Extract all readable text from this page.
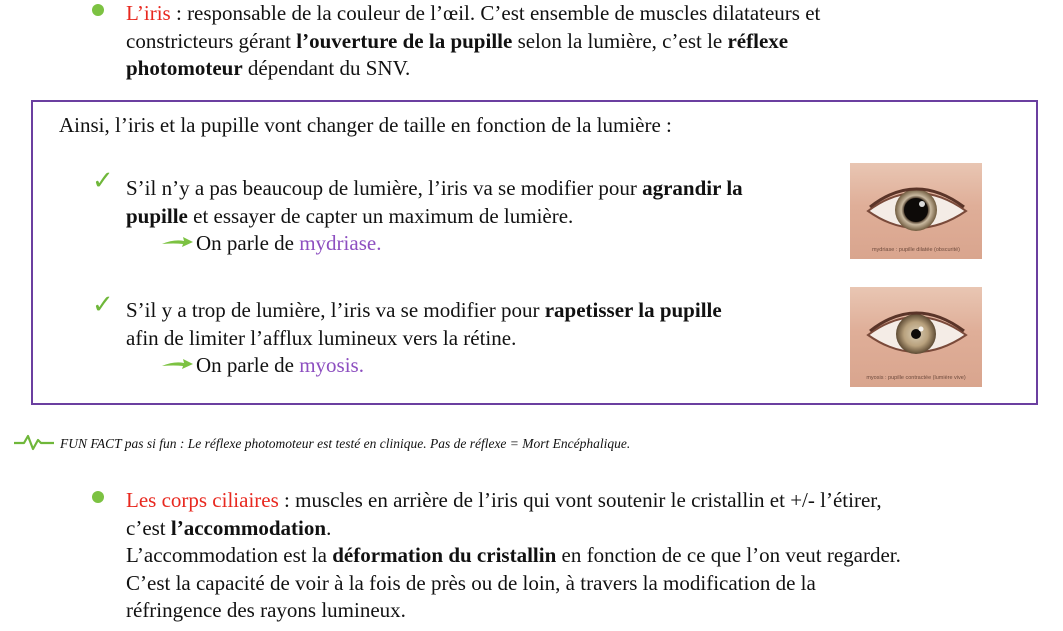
L’iris : responsable de la couleur de l’œil. C’est ensemble de muscles dilatateurs et
constricteurs gérant l’ouverture de la pupille selon la lumière, c’est le réflexe
photomoteur dépendant du SNV.
Ainsi, l’iris et la pupille vont changer de taille en fonction de la lumière :
✓ S’il n’y a pas beaucoup de lumière, l’iris va se modifier pour agrandir la
pupille et essayer de capter un maximum de lumière.
On parle de mydriase.	mydriase : pupille dilatée (obscurité)
✓ S’il y a trop de lumière, l’iris va se modifier pour rapetisser la pupille
afin de limiter l’afflux lumineux vers la rétine.
On parle de myosis.
myosis : pupille contractée (lumière vive)
FUN FACT pas si fun : Le réflexe photomoteur est testé en clinique. Pas de réflexe = Mort Encéphalique.
Les corps ciliaires : muscles en arrière de l’iris qui vont soutenir le cristallin et +/- l’étirer,
c’est l’accommodation.
L’accommodation est la déformation du cristallin en fonction de ce que l’on veut regarder.
C’est la capacité de voir à la fois de près ou de loin, à travers la modification de la
réfringence des rayons lumineux.
